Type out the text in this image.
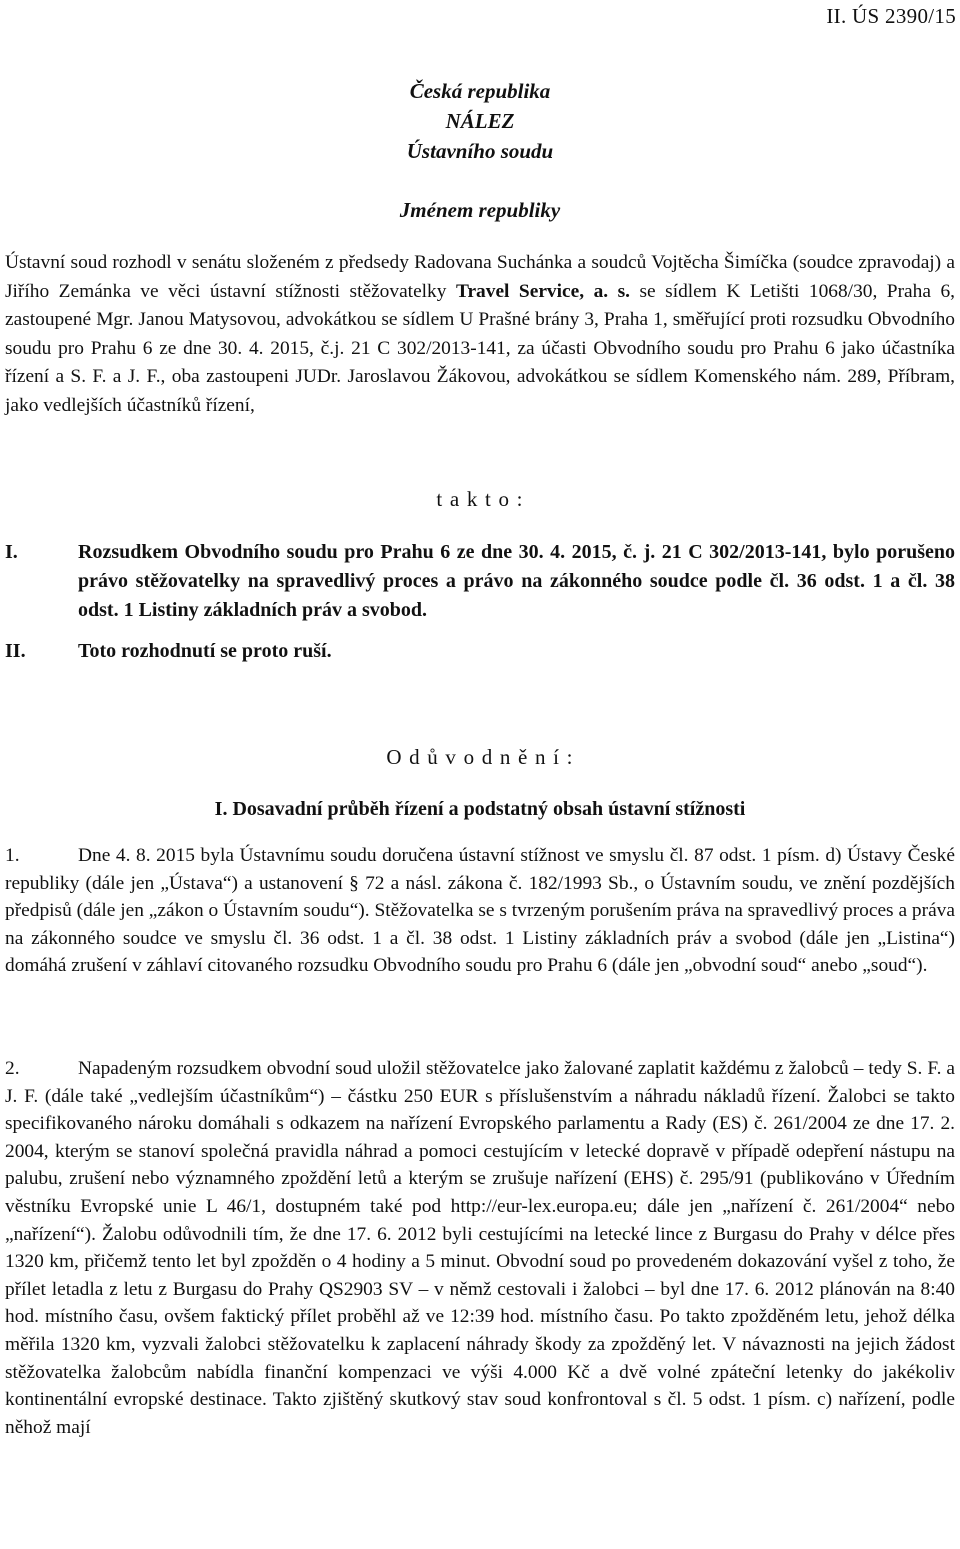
II. ÚS 2390/15
Česká republika
NÁLEZ
Ústavního soudu
Jménem republiky
Ústavní soud rozhodl v senátu složeném z předsedy Radovana Suchánka a soudců Vojtěcha Šimíčka (soudce zpravodaj) a Jiřího Zemánka ve věci ústavní stížnosti stěžovatelky Travel Service, a. s. se sídlem K Letišti 1068/30, Praha 6, zastoupené Mgr. Janou Matysovou, advokátkou se sídlem U Prašné brány 3, Praha 1, směřující proti rozsudku Obvodního soudu pro Prahu 6 ze dne 30. 4. 2015, č.j. 21 C 302/2013-141, za účasti Obvodního soudu pro Prahu 6 jako účastníka řízení a S. F. a J. F., oba zastoupeni JUDr. Jaroslavou Žákovou, advokátkou se sídlem Komenského nám. 289, Příbram, jako vedlejších účastníků řízení,
t a k t o :
I.	Rozsudkem Obvodního soudu pro Prahu 6 ze dne 30. 4. 2015, č. j. 21 C 302/2013-141, bylo porušeno právo stěžovatelky na spravedlivý proces a právo na zákonného soudce podle čl. 36 odst. 1 a čl. 38 odst. 1 Listiny základních práv a svobod.
II.	Toto rozhodnutí se proto ruší.
O d ů v o d n ě n í :
I. Dosavadní průběh řízení a podstatný obsah ústavní stížnosti

1.	Dne 4. 8. 2015 byla Ústavnímu soudu doručena ústavní stížnost ve smyslu čl. 87 odst. 1 písm. d) Ústavy České republiky (dále jen „Ústava“) a ustanovení § 72 a násl. zákona č. 182/1993 Sb., o Ústavním soudu, ve znění pozdějších předpisů (dále jen „zákon o Ústavním soudu“). Stěžovatelka se s tvrzeným porušením práva na spravedlivý proces a práva na zákonného soudce ve smyslu čl. 36 odst. 1 a čl. 38 odst. 1 Listiny základních práv a svobod (dále jen „Listina“) domáhá zrušení v záhlaví citovaného rozsudku Obvodního soudu pro Prahu 6 (dále jen „obvodní soud“ anebo „soud“).

2.	Napadeným rozsudkem obvodní soud uložil stěžovatelce jako žalované zaplatit každému z žalobců – tedy S. F. a J. F. (dále také „vedlejším účastníkům“) – částku 250 EUR s příslušenstvím a náhradu nákladů řízení. Žalobci se takto specifikovaného nároku domáhali s odkazem na nařízení Evropského parlamentu a Rady (ES) č. 261/2004 ze dne 17. 2. 2004, kterým se stanoví společná pravidla náhrad a pomoci cestujícím v letecké dopravě v případě odepření nástupu na palubu, zrušení nebo významného zpoždění letů a kterým se zrušuje nařízení (EHS) č. 295/91 (publikováno v Úředním věstníku Evropské unie L 46/1, dostupném také pod http://eur-lex.europa.eu; dále jen „nařízení č. 261/2004“ nebo „nařízení“). Žalobu odůvodnili tím, že dne 17. 6. 2012 byli cestujícími na letecké lince z Burgasu do Prahy v délce přes 1320 km, přičemž tento let byl zpožděn o 4 hodiny a 5 minut. Obvodní soud po provedeném dokazování vyšel z toho, že přílet letadla z letu z Burgasu do Prahy QS2903 SV – v němž cestovali i žalobci – byl dne 17. 6. 2012 plánován na 8:40 hod. místního času, ovšem faktický přílet proběhl až ve 12:39 hod. místního času. Po takto zpožděném letu, jehož délka měřila 1320 km, vyzvali žalobci stěžovatelku k zaplacení náhrady škody za zpožděný let. V návaznosti na jejich žádost stěžovatelka žalobcům nabídla finanční kompenzaci ve výši 4.000 Kč a dvě volné zpáteční letenky do jakékoliv kontinentální evropské destinace. Takto zjištěný skutkový stav soud konfrontoval s čl. 5 odst. 1 písm. c) nařízení, podle něhož mají
